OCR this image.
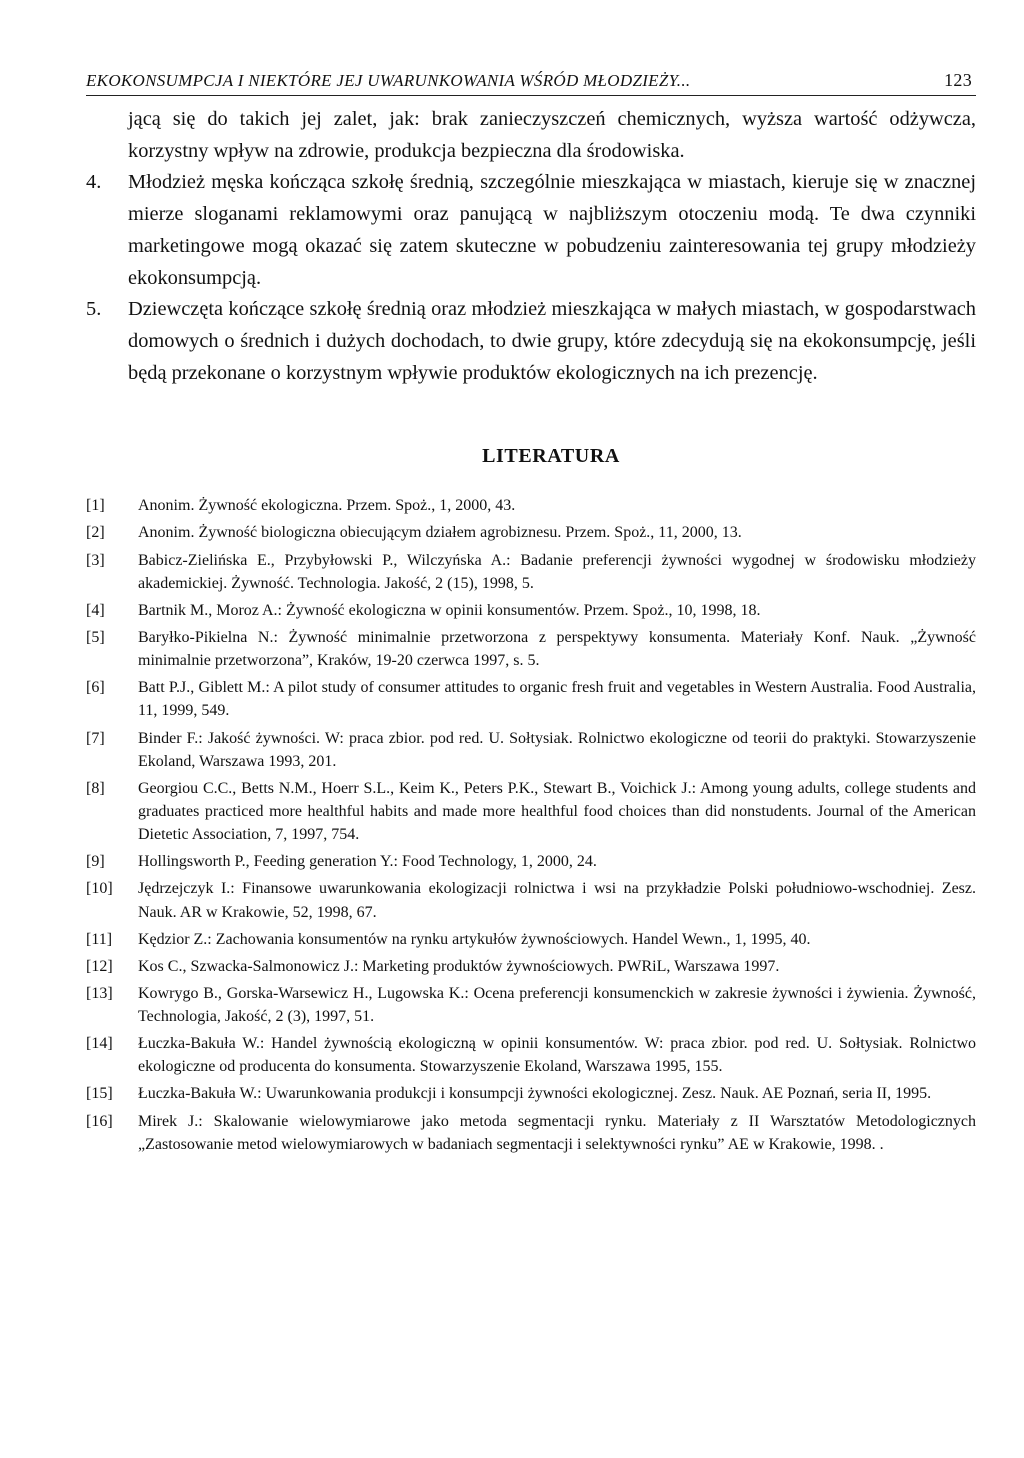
EKOKONSUMPCJA I NIEKTÓRE JEJ UWARUNKOWANIA WŚRÓD MŁODZIEŻY...	123

jącą się do takich jej zalet, jak: brak zanieczyszczeń chemicznych, wyższa wartość odżywcza, korzystny wpływ na zdrowie, produkcja bezpieczna dla środowiska.

4.	Młodzież męska kończąca szkołę średnią, szczególnie mieszkająca w miastach, kieruje się w znacznej mierze sloganami reklamowymi oraz panującą w najbliższym otoczeniu modą. Te dwa czynniki marketingowe mogą okazać się zatem skuteczne w pobudzeniu zainteresowania tej grupy młodzieży ekokonsumpcją.
5.	Dziewczęta kończące szkołę średnią oraz młodzież mieszkająca w małych miastach, w gospodarstwach domowych o średnich i dużych dochodach, to dwie grupy, które zdecydują się na ekokonsumpcję, jeśli będą przekonane o korzystnym wpływie produktów ekologicznych na ich prezencję.
LITERATURA
[1]	Anonim. Żywność ekologiczna. Przem. Spoż., 1, 2000, 43.
[2]	Anonim. Żywność biologiczna obiecującym działem agrobiznesu. Przem. Spoż., 11, 2000, 13.
[3]	Babicz-Zielińska E., Przybyłowski P., Wilczyńska A.: Badanie preferencji żywności wygodnej w środowisku młodzieży akademickiej. Żywność. Technologia. Jakość, 2 (15), 1998, 5.
[4]	Bartnik M., Moroz A.: Żywność ekologiczna w opinii konsumentów. Przem. Spoż., 10, 1998, 18.
[5]	Baryłko-Pikielna N.: Żywność minimalnie przetworzona z perspektywy konsumenta. Materiały Konf. Nauk. „Żywność minimalnie przetworzona”, Kraków, 19-20 czerwca 1997, s. 5.
[6]	Batt P.J., Giblett M.: A pilot study of consumer attitudes to organic fresh fruit and vegetables in Western Australia. Food Australia, 11, 1999, 549.
[7]	Binder F.: Jakość żywności. W: praca zbior. pod red. U. Sołtysiak. Rolnictwo ekologiczne od teorii do praktyki. Stowarzyszenie Ekoland, Warszawa 1993, 201.
[8]	Georgiou C.C., Betts N.M., Hoerr S.L., Keim K., Peters P.K., Stewart B., Voichick J.: Among young adults, college students and graduates practiced more healthful habits and made more healthful food choices than did nonstudents. Journal of the American Dietetic Association, 7, 1997, 754.
[9]	Hollingsworth P., Feeding generation Y.: Food Technology, 1, 2000, 24.
[10]	Jędrzejczyk I.: Finansowe uwarunkowania ekologizacji rolnictwa i wsi na przykładzie Polski południowo-wschodniej. Zesz. Nauk. AR w Krakowie, 52, 1998, 67.
[11]	Kędzior Z.: Zachowania konsumentów na rynku artykułów żywnościowych. Handel Wewn., 1, 1995, 40.
[12]	Kos C., Szwacka-Salmonowicz J.: Marketing produktów żywnościowych. PWRiL, Warszawa 1997.
[13]	Kowrygo B., Gorska-Warsewicz H., Lugowska K.: Ocena preferencji konsumenckich w zakresie żywności i żywienia. Żywność, Technologia, Jakość, 2 (3), 1997, 51.
[14]	Łuczka-Bakuła W.: Handel żywnością ekologiczną w opinii konsumentów. W: praca zbior. pod red. U. Sołtysiak. Rolnictwo ekologiczne od producenta do konsumenta. Stowarzyszenie Ekoland, Warszawa 1995, 155.
[15]	Łuczka-Bakuła W.: Uwarunkowania produkcji i konsumpcji żywności ekologicznej. Zesz. Nauk. AE Poznań, seria II, 1995.
[16]	Mirek J.: Skalowanie wielowymiarowe jako metoda segmentacji rynku. Materiały z II Warsztatów Metodologicznych „Zastosowanie metod wielowymiarowych w badaniach segmentacji i selektywności rynku” AE w Krakowie, 1998. .
